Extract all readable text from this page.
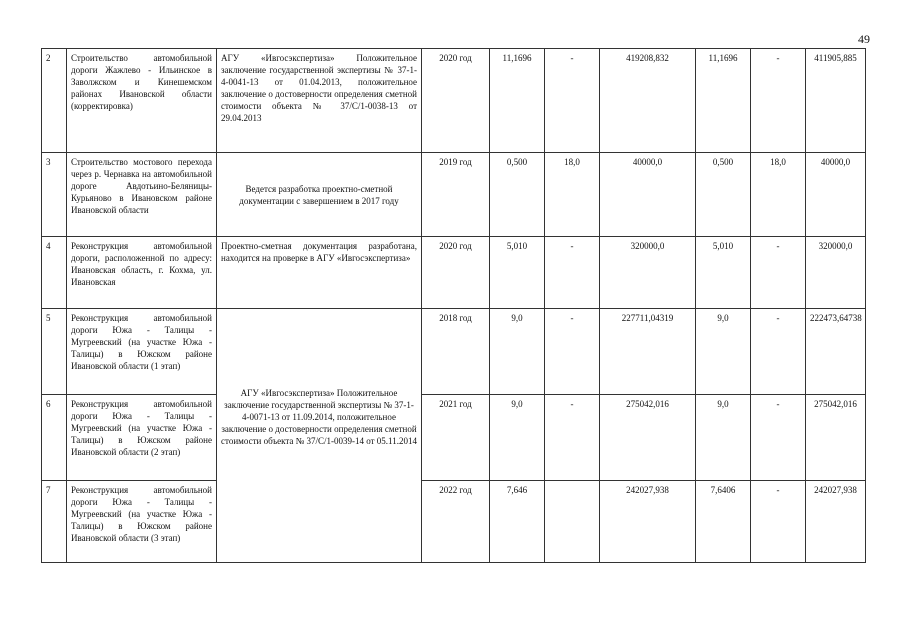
49
2	Строительство автомобильной дороги Жажлево - Ильинское в Заволжском и Кинешемском районах Ивановской области (корректировка)	АГУ «Ивгосэкспертиза» Положительное заключение государственной экспертизы № 37-1-4-0041-13 от 01.04.2013, положительное заключение о достоверности определения сметной стоимости объекта № 37/С/1-0038-13 от 29.04.2013	2020 год	11,1696	-	419208,832	11,1696	-	411905,885
3	Строительство мостового перехода через р. Чернавка на автомобильной дороге Авдотьино-Беляницы-Курьяново в Ивановском районе Ивановской области	Ведется разработка проектно-сметной документации с завершением в 2017 году	2019 год	0,500	18,0	40000,0	0,500	18,0	40000,0
4	Реконструкция автомобильной дороги, расположенной по адресу: Ивановская область, г. Кохма, ул. Ивановская	Проектно-сметная документация разработана, находится на проверке в АГУ «Ивгосэкспертиза»	2020 год	5,010	-	320000,0	5,010	-	320000,0
5	Реконструкция автомобильной дороги Южа - Талицы - Мугреевский (на участке Южа - Талицы) в Южском районе Ивановской области (1 этап)	АГУ «Ивгосэкспертиза» Положительное заключение государственной экспертизы № 37-1-4-0071-13 от 11.09.2014, положительное заключение о достоверности определения сметной стоимости объекта № 37/С/1-0039-14 от 05.11.2014	2018 год	9,0	-	227711,04319	9,0	-	222473,64738
6	Реконструкция автомобильной дороги Южа - Талицы - Мугреевский (на участке Южа - Талицы) в Южском районе Ивановской области (2 этап)		2021 год	9,0	-	275042,016	9,0	-	275042,016
7	Реконструкция автомобильной дороги Южа - Талицы - Мугреевский (на участке Южа - Талицы) в Южском районе Ивановской области (3 этап)		2022 год	7,646		242027,938	7,6406	-	242027,938
